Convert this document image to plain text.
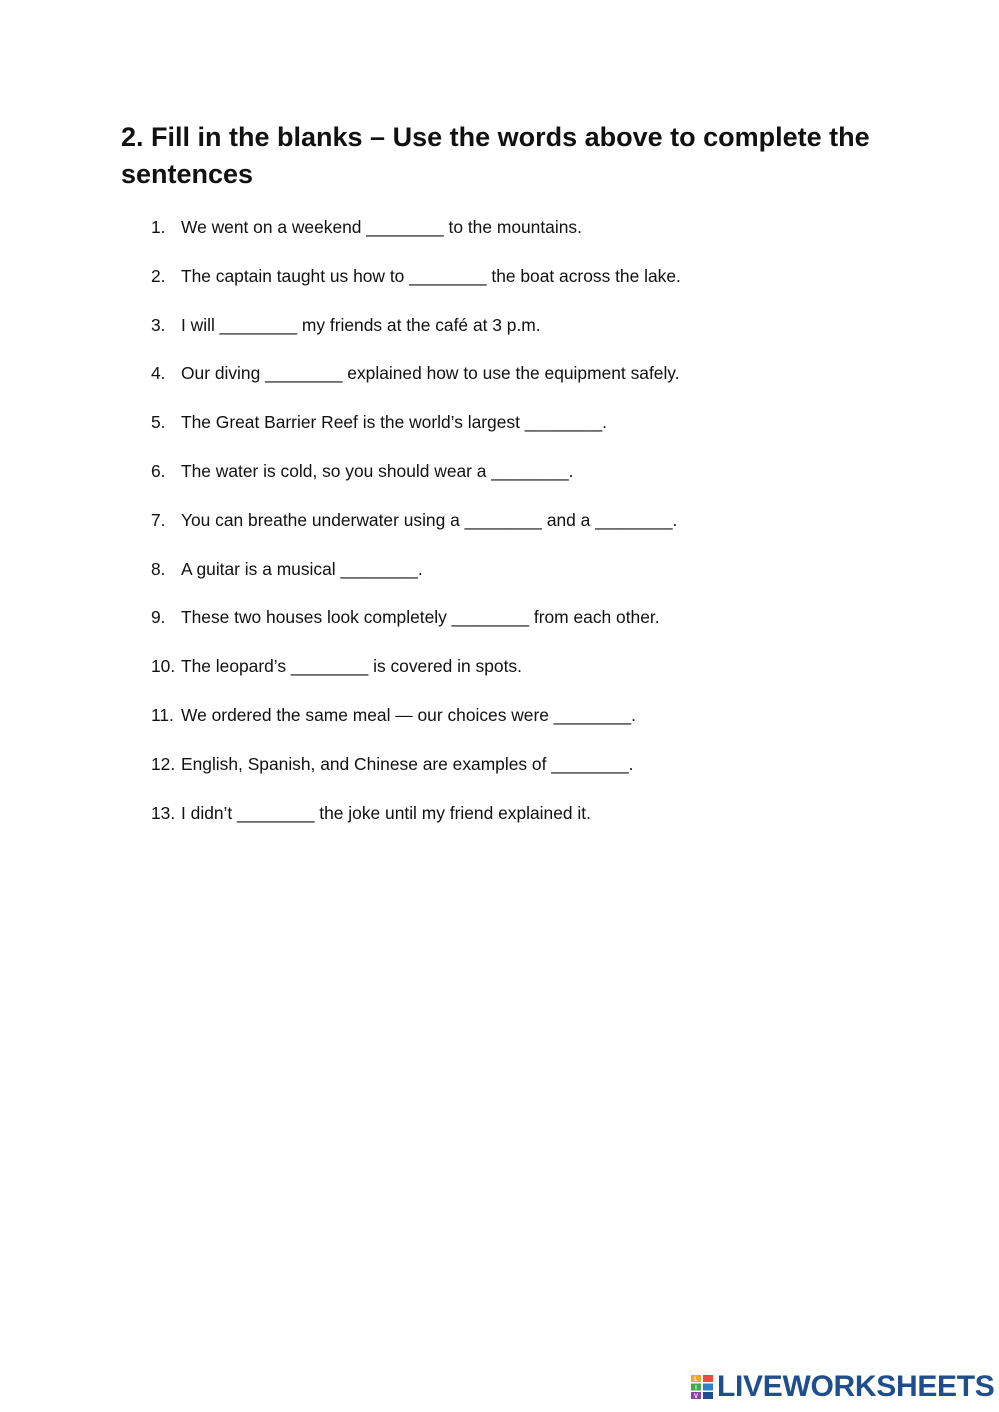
2. Fill in the blanks – Use the words above to complete the sentences
1. We went on a weekend ________ to the mountains.
2. The captain taught us how to ________ the boat across the lake.
3. I will ________ my friends at the café at 3 p.m.
4. Our diving ________ explained how to use the equipment safely.
5. The Great Barrier Reef is the world’s largest ________.
6. The water is cold, so you should wear a ________.
7. You can breathe underwater using a ________ and a ________.
8. A guitar is a musical ________.
9. These two houses look completely ________ from each other.
10. The leopard’s ________ is covered in spots.
11. We ordered the same meal — our choices were ________.
12. English, Spanish, and Chinese are examples of ________.
13. I didn’t ________ the joke until my friend explained it.
L
I
V LIVEWORKSHEETS
